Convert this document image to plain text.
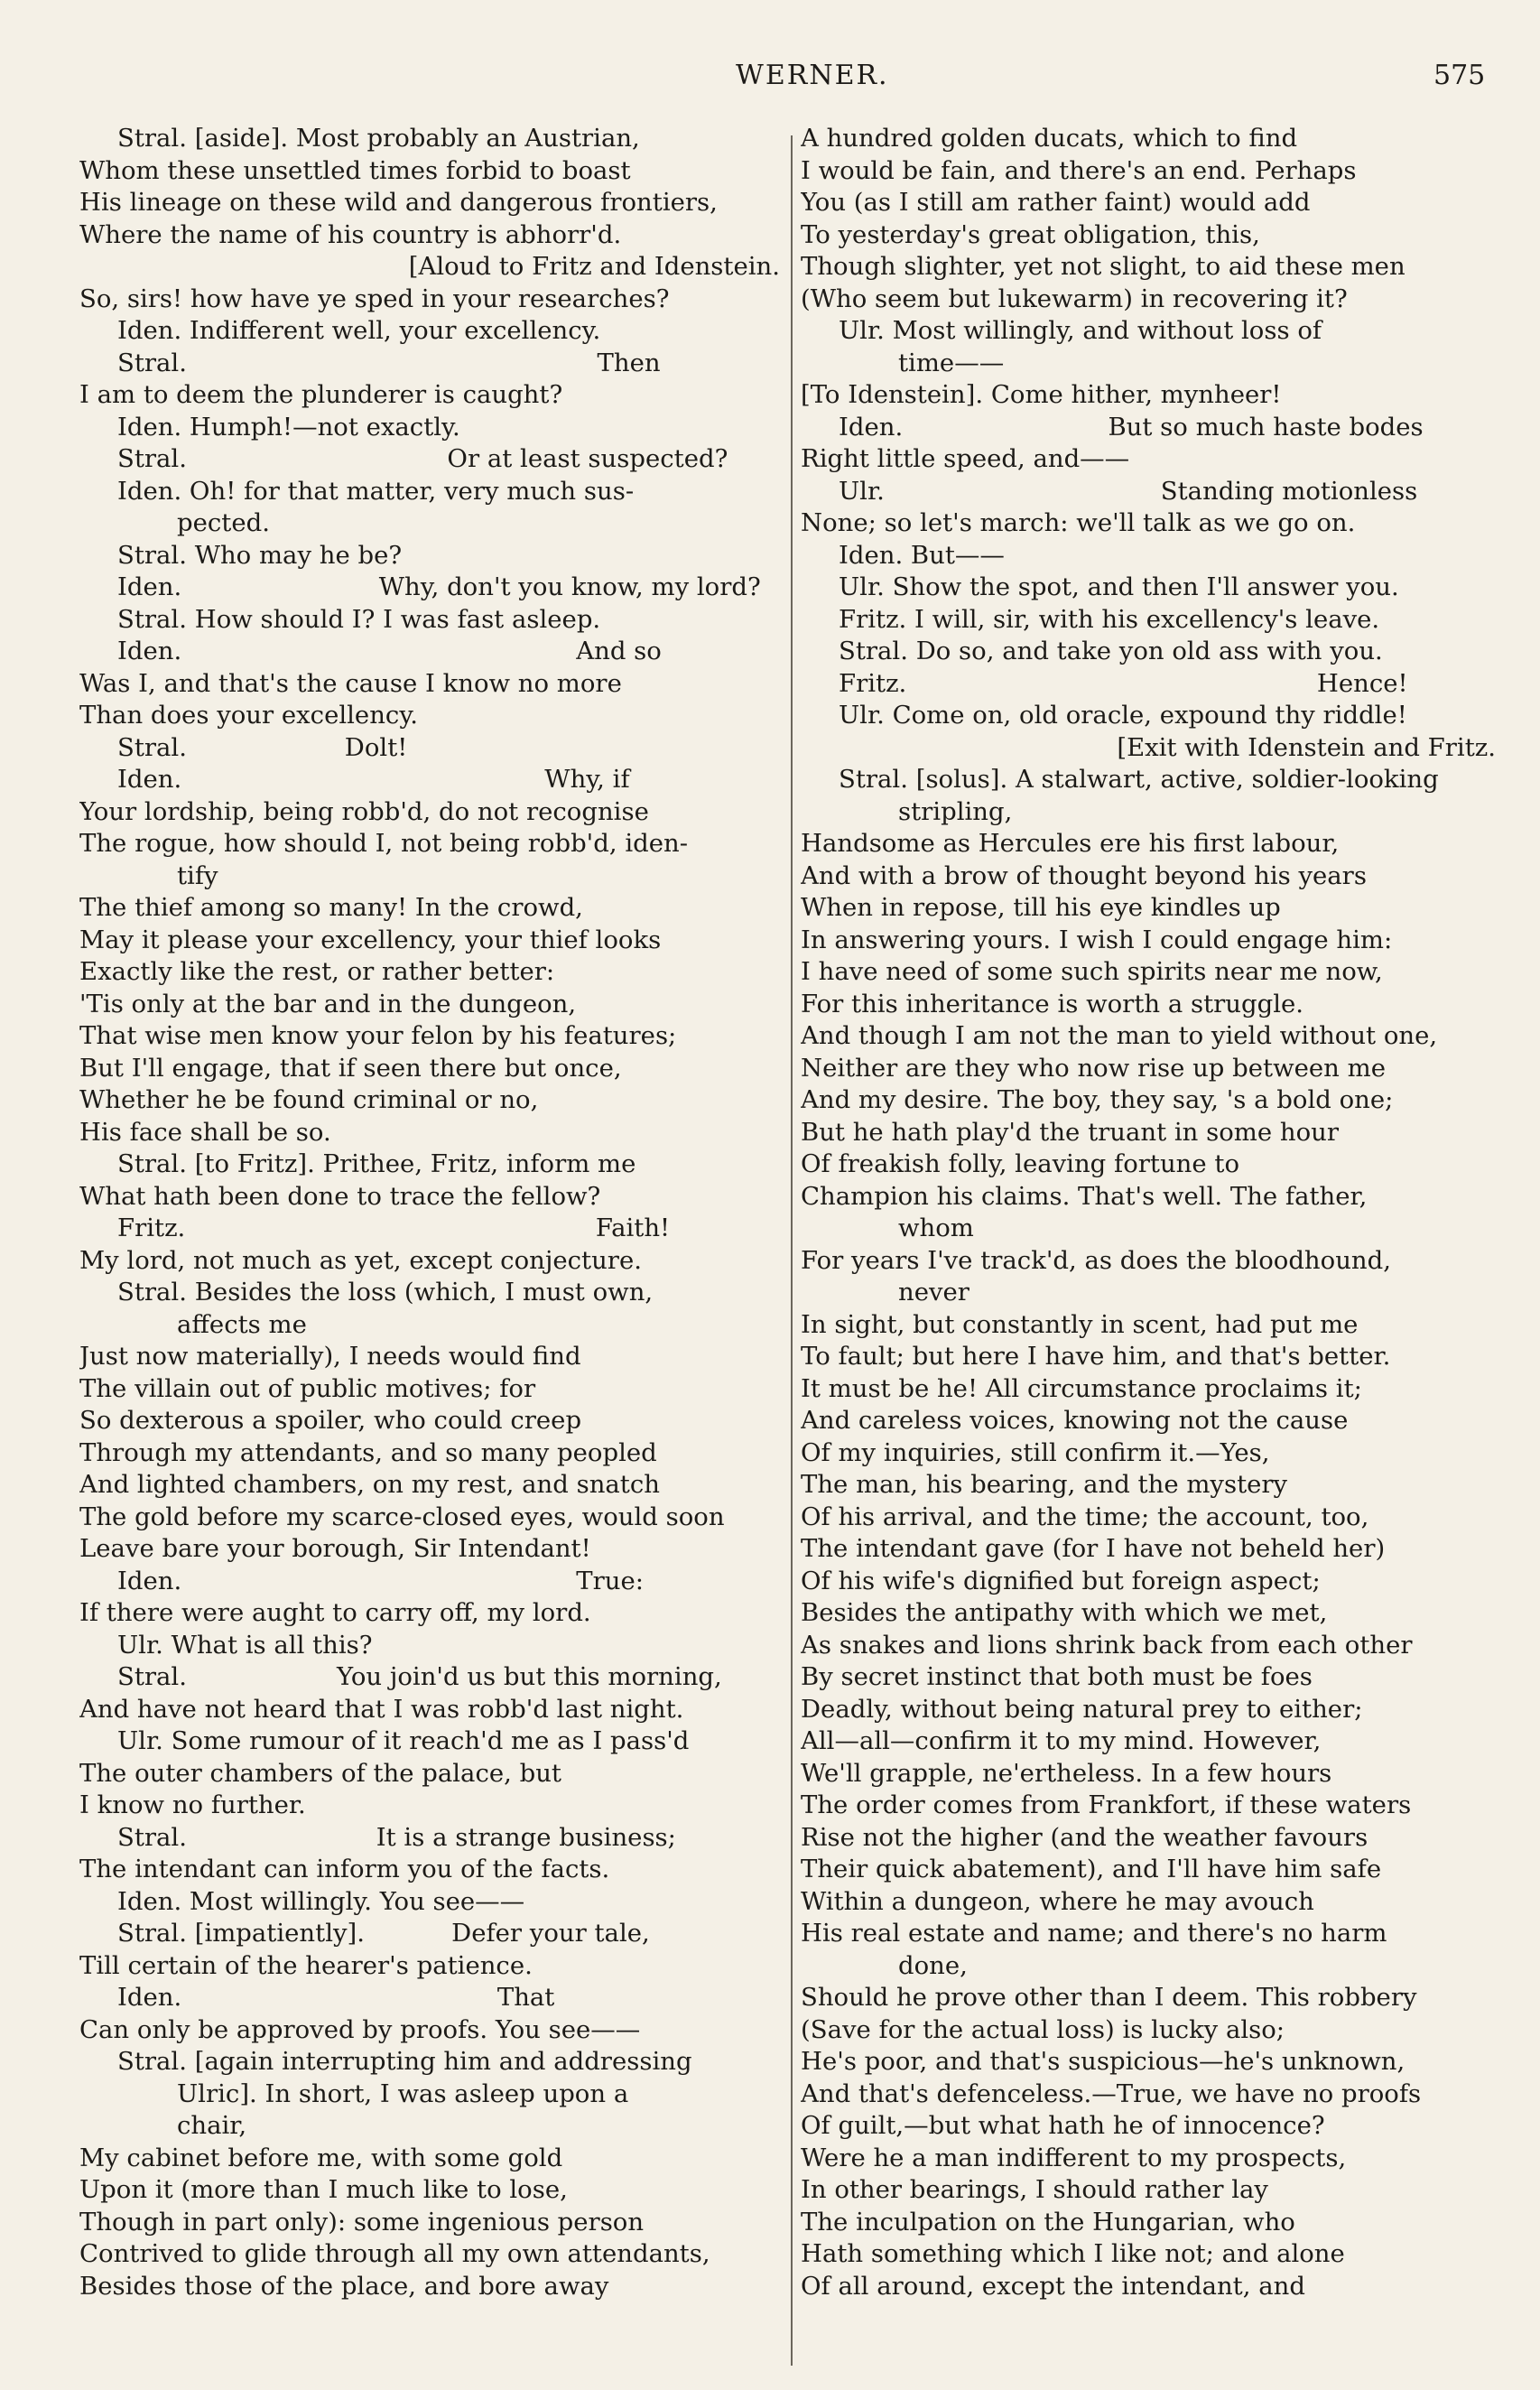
WERNER.	575
Stral. [aside]. Most probably an Austrian,
Whom these unsettled times forbid to boast
His lineage on these wild and dangerous frontiers,
Where the name of his country is abhorr'd.
[Aloud to Fritz and Idenstein.
So, sirs! how have ye sped in your researches?
Iden. Indifferent well, your excellency.
Stral.                                                    Then
I am to deem the plunderer is caught?
Iden. Humph!—not exactly.
Stral.                                 Or at least suspected?
Iden. Oh! for that matter, very much sus-
pected.
Stral. Who may he be?
Iden.                         Why, don't you know, my lord?
Stral. How should I? I was fast asleep.
Iden.                                                  And so
Was I, and that's the cause I know no more
Than does your excellency.
Stral.                    Dolt!
Iden.                                              Why, if
Your lordship, being robb'd, do not recognise
The rogue, how should I, not being robb'd, iden-
tify
The thief among so many! In the crowd,
May it please your excellency, your thief looks
Exactly like the rest, or rather better:
'Tis only at the bar and in the dungeon,
That wise men know your felon by his features;
But I'll engage, that if seen there but once,
Whether he be found criminal or no,
His face shall be so.
Stral. [to Fritz]. Prithee, Fritz, inform me
What hath been done to trace the fellow?
Fritz.                                                    Faith!
My lord, not much as yet, except conjecture.
Stral. Besides the loss (which, I must own,
affects me
Just now materially), I needs would find
The villain out of public motives; for
So dexterous a spoiler, who could creep
Through my attendants, and so many peopled
And lighted chambers, on my rest, and snatch
The gold before my scarce-closed eyes, would soon
Leave bare your borough, Sir Intendant!
Iden.                                                  True:
If there were aught to carry off, my lord.
Ulr. What is all this?
Stral.                   You join'd us but this morning,
And have not heard that I was robb'd last night.
Ulr. Some rumour of it reach'd me as I pass'd
The outer chambers of the palace, but
I know no further.
Stral.                        It is a strange business;
The intendant can inform you of the facts.
Iden. Most willingly. You see——
Stral. [impatiently].           Defer your tale,
Till certain of the hearer's patience.
Iden.                                        That
Can only be approved by proofs. You see——
Stral. [again interrupting him and addressing
Ulric]. In short, I was asleep upon a
chair,
My cabinet before me, with some gold
Upon it (more than I much like to lose,
Though in part only): some ingenious person
Contrived to glide through all my own attendants,
Besides those of the place, and bore away
A hundred golden ducats, which to find
I would be fain, and there's an end. Perhaps
You (as I still am rather faint) would add
To yesterday's great obligation, this,
Though slighter, yet not slight, to aid these men
(Who seem but lukewarm) in recovering it?
Ulr. Most willingly, and without loss of
time——
[To Idenstein]. Come hither, mynheer!
Iden.                          But so much haste bodes
Right little speed, and——
Ulr.                                   Standing motionless
None; so let's march: we'll talk as we go on.
Iden. But——
Ulr. Show the spot, and then I'll answer you.
Fritz. I will, sir, with his excellency's leave.
Stral. Do so, and take yon old ass with you.
Fritz.                                                    Hence!
Ulr. Come on, old oracle, expound thy riddle!
[Exit with Idenstein and Fritz.
Stral. [solus]. A stalwart, active, soldier-looking
stripling,
Handsome as Hercules ere his first labour,
And with a brow of thought beyond his years
When in repose, till his eye kindles up
In answering yours. I wish I could engage him:
I have need of some such spirits near me now,
For this inheritance is worth a struggle.
And though I am not the man to yield without one,
Neither are they who now rise up between me
And my desire. The boy, they say, 's a bold one;
But he hath play'd the truant in some hour
Of freakish folly, leaving fortune to
Champion his claims. That's well. The father,
whom
For years I've track'd, as does the bloodhound,
never
In sight, but constantly in scent, had put me
To fault; but here I have him, and that's better.
It must be he! All circumstance proclaims it;
And careless voices, knowing not the cause
Of my inquiries, still confirm it.—Yes,
The man, his bearing, and the mystery
Of his arrival, and the time; the account, too,
The intendant gave (for I have not beheld her)
Of his wife's dignified but foreign aspect;
Besides the antipathy with which we met,
As snakes and lions shrink back from each other
By secret instinct that both must be foes
Deadly, without being natural prey to either;
All—all—confirm it to my mind. However,
We'll grapple, ne'ertheless. In a few hours
The order comes from Frankfort, if these waters
Rise not the higher (and the weather favours
Their quick abatement), and I'll have him safe
Within a dungeon, where he may avouch
His real estate and name; and there's no harm
done,
Should he prove other than I deem. This robbery
(Save for the actual loss) is lucky also;
He's poor, and that's suspicious—he's unknown,
And that's defenceless.—True, we have no proofs
Of guilt,—but what hath he of innocence?
Were he a man indifferent to my prospects,
In other bearings, I should rather lay
The inculpation on the Hungarian, who
Hath something which I like not; and alone
Of all around, except the intendant, and
